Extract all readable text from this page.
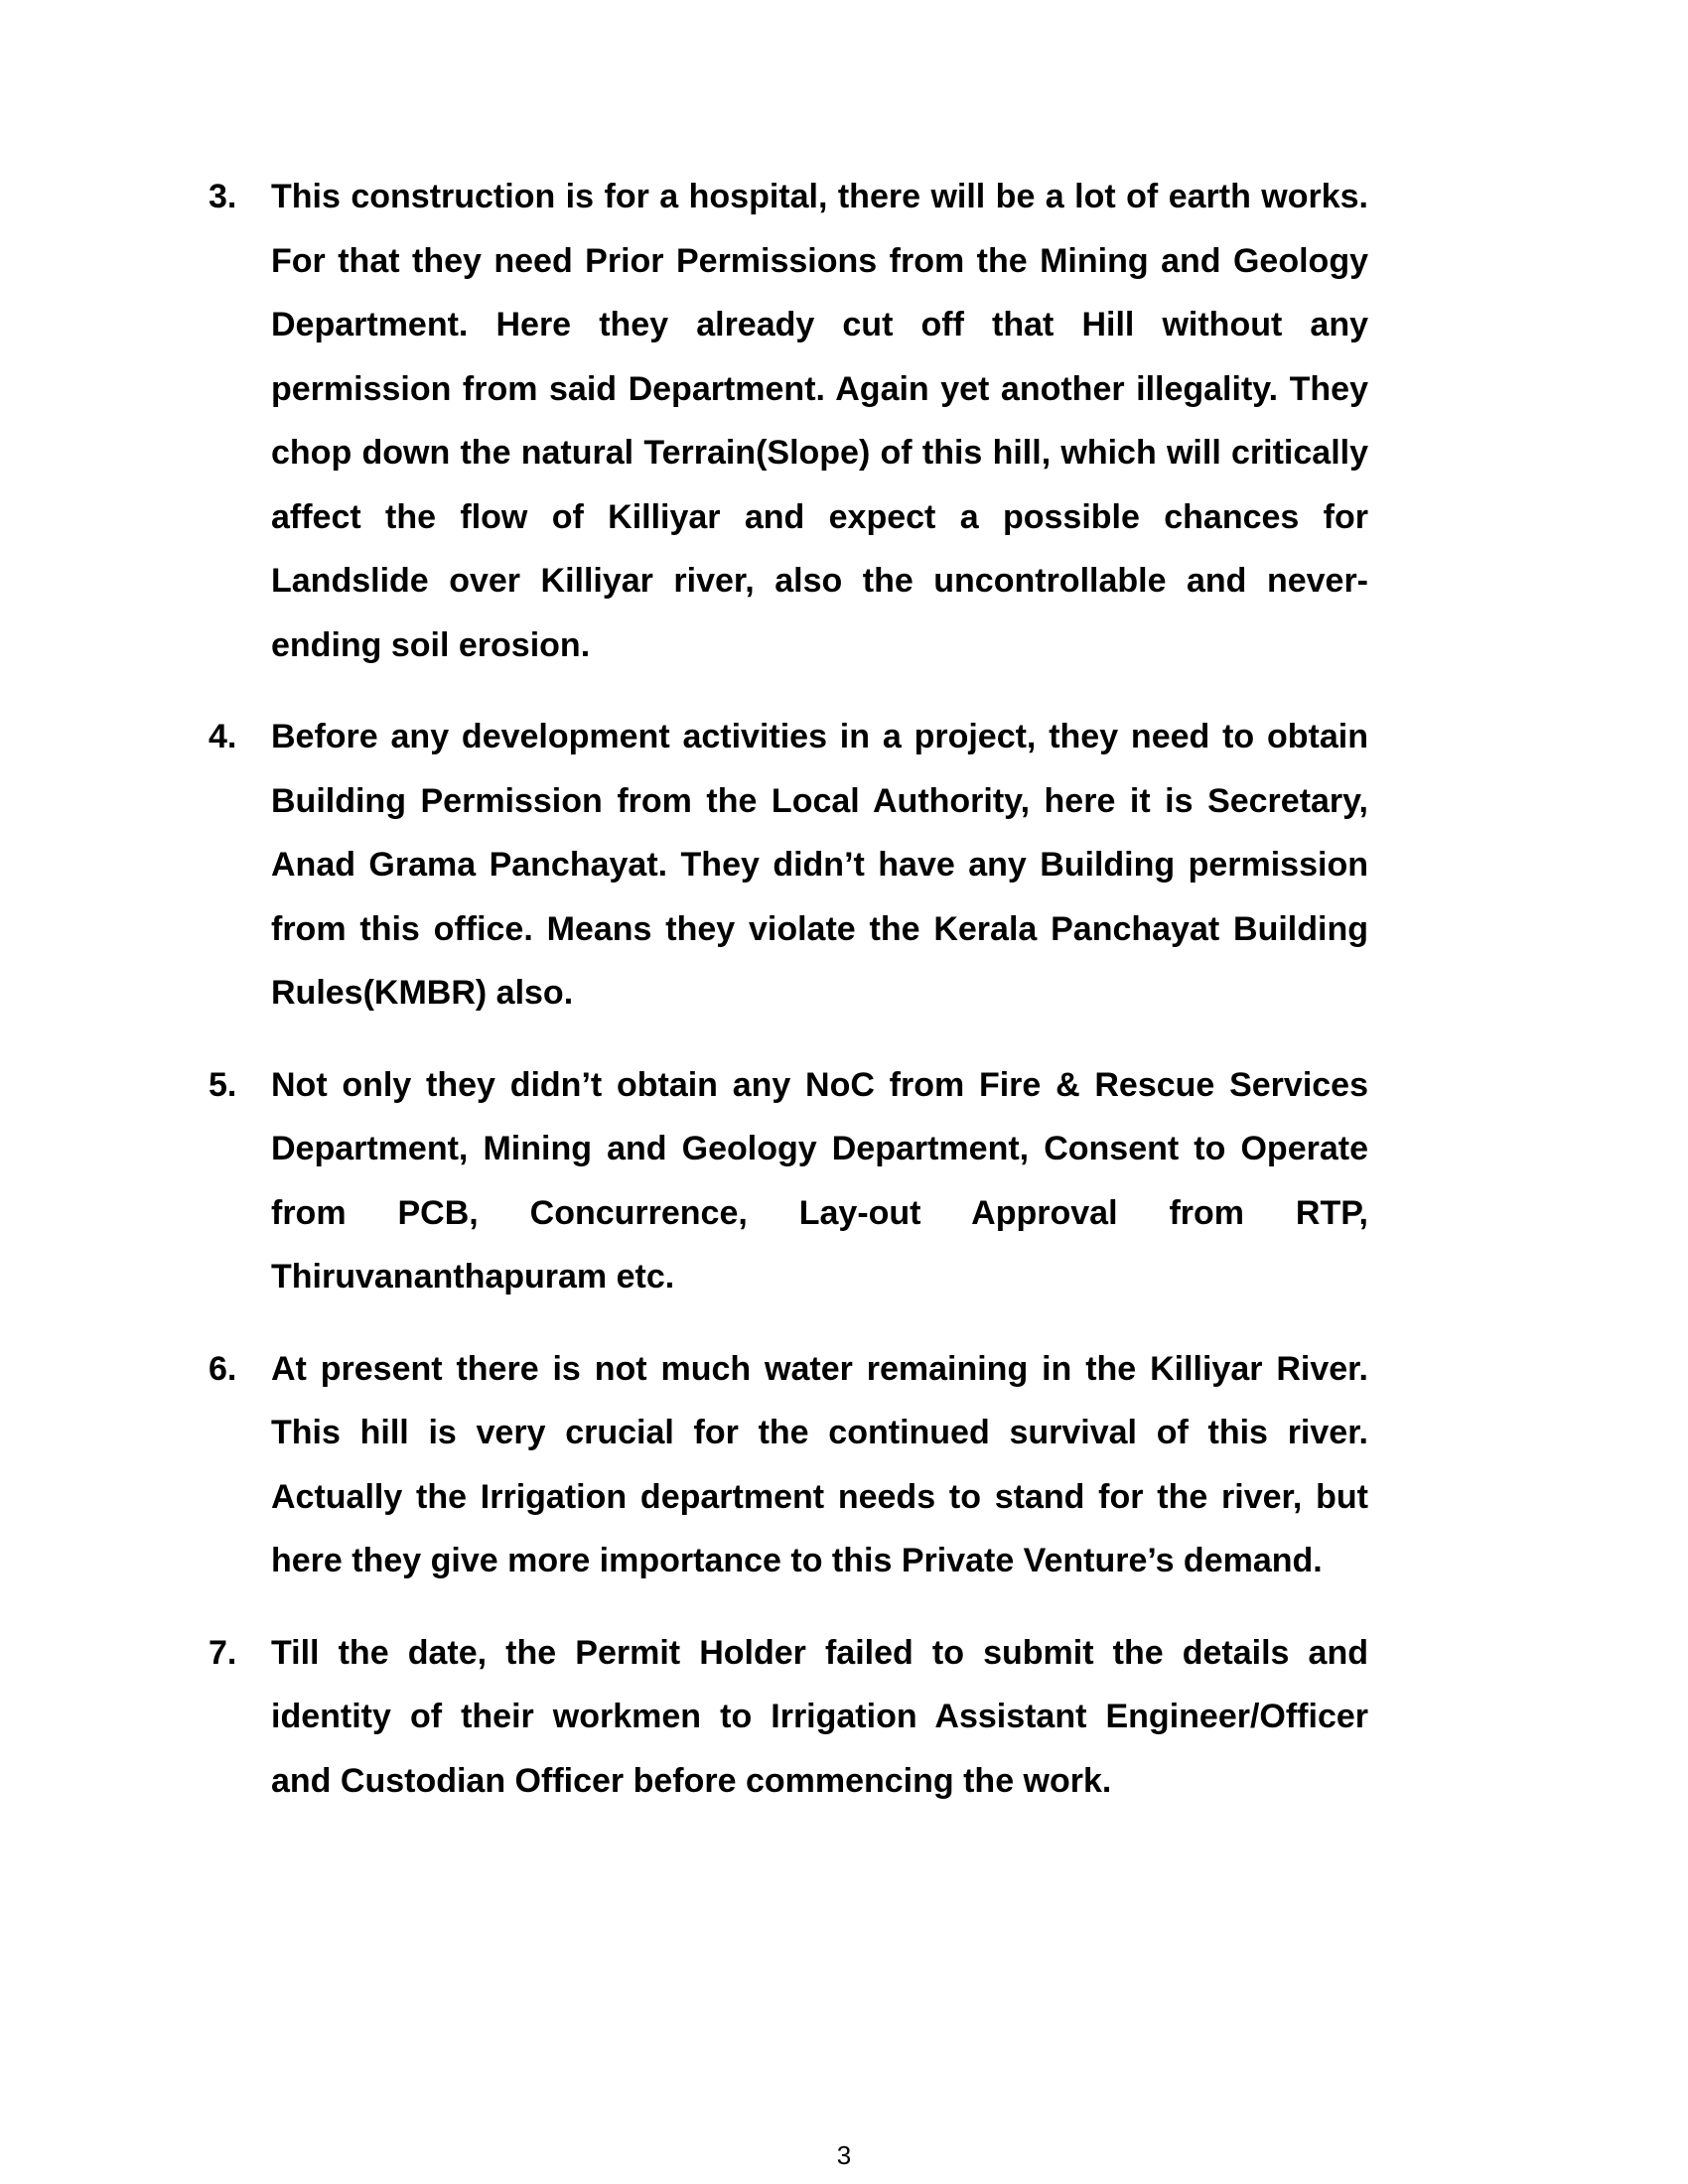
3. This construction is for a hospital, there will be a lot of earth works. For that they need Prior Permissions from the Mining and Geology Department. Here they already cut off that Hill without any permission from said Department. Again yet another illegality. They chop down the natural Terrain(Slope) of this hill, which will critically affect the flow of Killiyar and expect a possible chances for Landslide over Killiyar river, also the uncontrollable and never-ending soil erosion.

4. Before any development activities in a project, they need to obtain Building Permission from the Local Authority, here it is Secretary, Anad Grama Panchayat. They didn’t have any Building permission from this office. Means they violate the Kerala Panchayat Building Rules(KMBR) also.

5. Not only they didn’t obtain any NoC from Fire & Rescue Services Department, Mining and Geology Department, Consent to Operate from PCB, Concurrence, Lay-out Approval from RTP, Thiruvananthapuram etc.

6. At present there is not much water remaining in the Killiyar River. This hill is very crucial for the continued survival of this river. Actually the Irrigation department needs to stand for the river, but here they give more importance to this Private Venture’s demand.

7. Till the date, the Permit Holder failed to submit the details and identity of their workmen to Irrigation Assistant Engineer/Officer and Custodian Officer before commencing the work.

3
